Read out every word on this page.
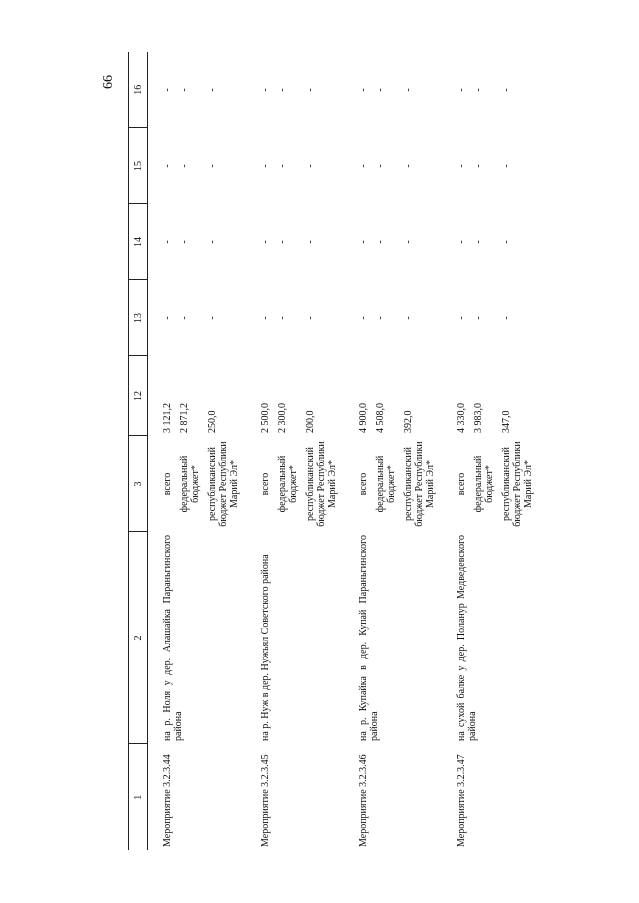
66
1	2	3	12	13	14	15	16
Мероприятие 3.2.3.44	на р. Ноля у дер. Алашайка Параньгинского района	всего	3 121,2	-	-	-	-
		федеральный бюджет*	2 871,2	-	-	-	-
		республиканский бюджет Республики Марий Эл*	250,0	-	-	-	-
Мероприятие 3.2.3.45	на р. Нуж в дер. Нужъял Советского района	всего	2 500,0	-	-	-	-
		федеральный бюджет*	2 300,0	-	-	-	-
		республиканский бюджет Республики Марий Эл*	200,0	-	-	-	-
Мероприятие 3.2.3.46	на р. Купайка в дер. Купай Параньгинского района	всего	4 900,0	-	-	-	-
		федеральный бюджет*	4 508,0	-	-	-	-
		республиканский бюджет Республики Марий Эл*	392,0	-	-	-	-
Мероприятие 3.2.3.47	на сухой балке у дер. Поланур Медведевского района	всего	4 330,0	-	-	-	-
		федеральный бюджет*	3 983,0	-	-	-	-
		республиканский бюджет Республики Марий Эл*	347,0	-	-	-	-
